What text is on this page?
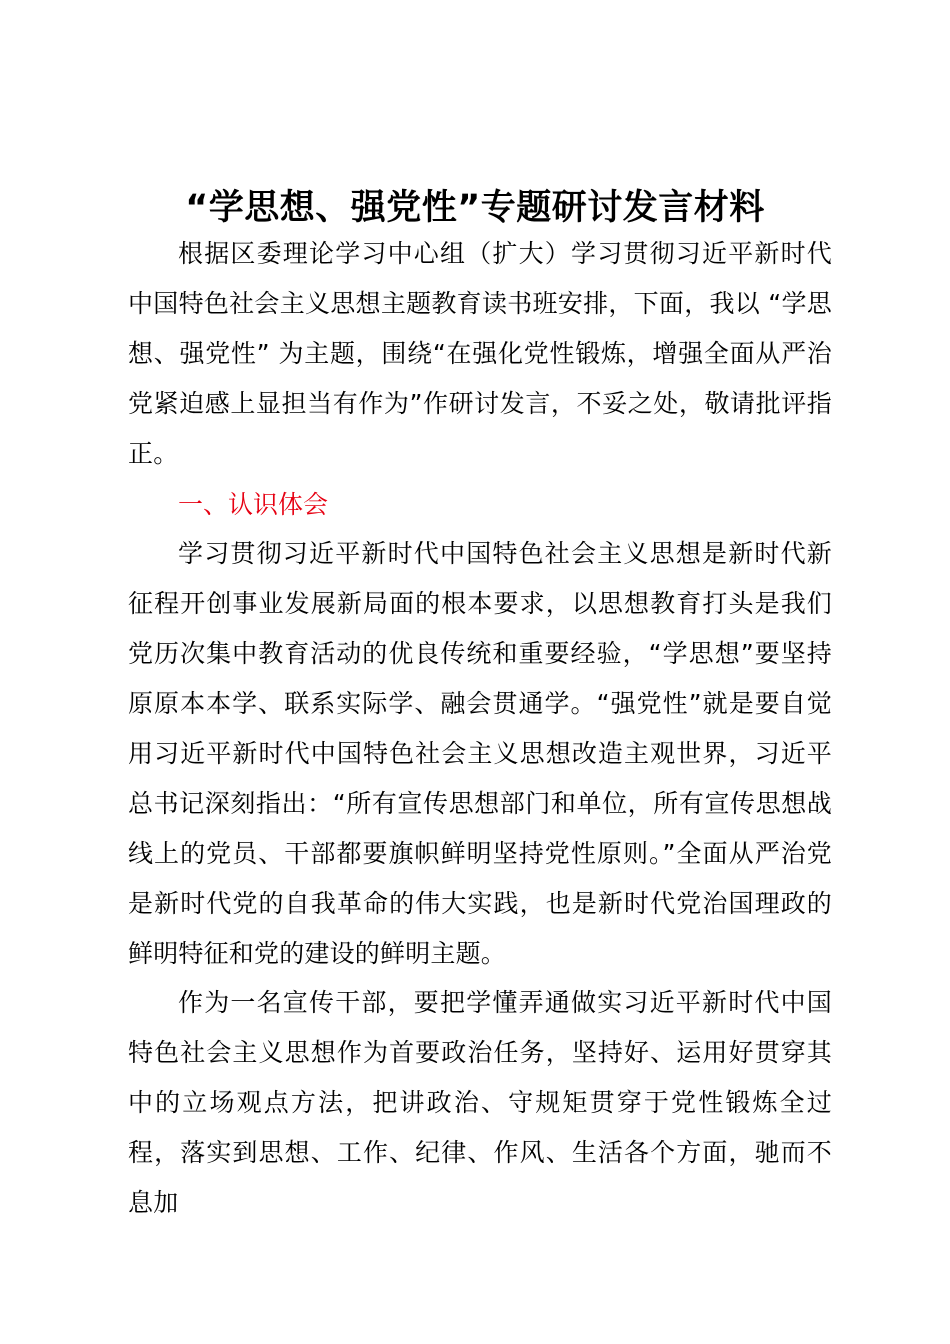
“学思想、强党性”专题研讨发言材料

根据区委理论学习中心组（扩大）学习贯彻习近平新时代中国特色社会主义思想主题教育读书班安排，下面，我以 “学思想、强党性” 为主题，围绕“在强化党性锻炼，增强全面从严治党紧迫感上显担当有作为”作研讨发言，不妥之处，敬请批评指正。

一、认识体会

学习贯彻习近平新时代中国特色社会主义思想是新时代新征程开创事业发展新局面的根本要求，以思想教育打头是我们党历次集中教育活动的优良传统和重要经验，“学思想”要坚持原原本本学、联系实际学、融会贯通学。“强党性”就是要自觉用习近平新时代中国特色社会主义思想改造主观世界，习近平总书记深刻指出：“所有宣传思想部门和单位，所有宣传思想战线上的党员、干部都要旗帜鲜明坚持党性原则。”全面从严治党是新时代党的自我革命的伟大实践，也是新时代党治国理政的鲜明特征和党的建设的鲜明主题。

作为一名宣传干部，要把学懂弄通做实习近平新时代中国特色社会主义思想作为首要政治任务，坚持好、运用好贯穿其中的立场观点方法，把讲政治、守规矩贯穿于党性锻炼全过程，落实到思想、工作、纪律、作风、生活各个方面，驰而不息加
